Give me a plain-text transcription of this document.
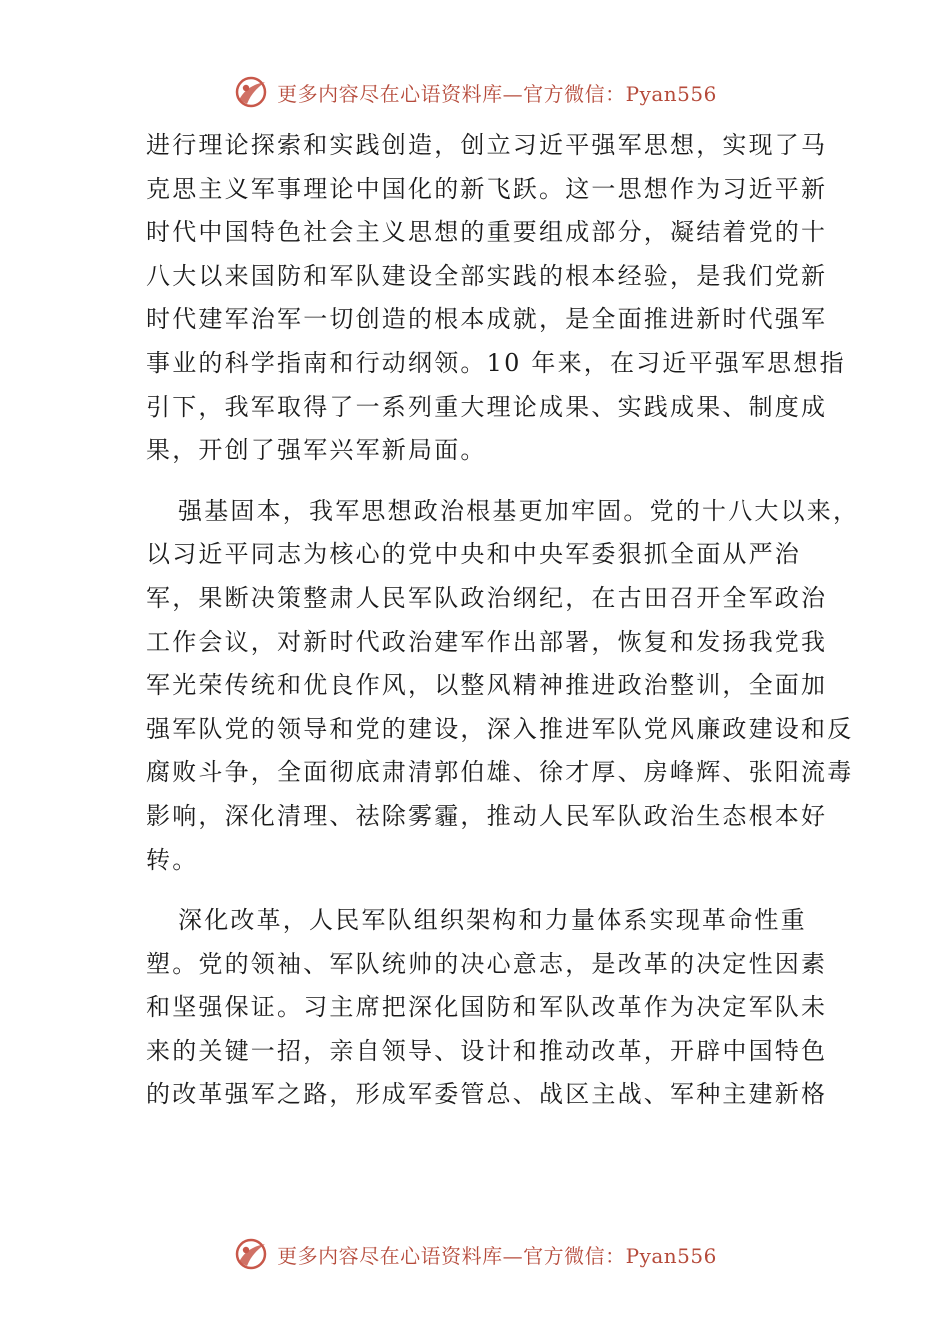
更多内容尽在心语资料库—官方微信：Pyan556
进行理论探索和实践创造，创立习近平强军思想，实现了马
克思主义军事理论中国化的新飞跃。这一思想作为习近平新
时代中国特色社会主义思想的重要组成部分，凝结着党的十
八大以来国防和军队建设全部实践的根本经验，是我们党新
时代建军治军一切创造的根本成就，是全面推进新时代强军
事业的科学指南和行动纲领。10 年来，在习近平强军思想指
引下，我军取得了一系列重大理论成果、实践成果、制度成
果，开创了强军兴军新局面。
强基固本，我军思想政治根基更加牢固。党的十八大以来，
以习近平同志为核心的党中央和中央军委狠抓全面从严治
军，果断决策整肃人民军队政治纲纪，在古田召开全军政治
工作会议，对新时代政治建军作出部署，恢复和发扬我党我
军光荣传统和优良作风，以整风精神推进政治整训，全面加
强军队党的领导和党的建设，深入推进军队党风廉政建设和反
腐败斗争，全面彻底肃清郭伯雄、徐才厚、房峰辉、张阳流毒
影响，深化清理、祛除雾霾，推动人民军队政治生态根本好
转。
深化改革，人民军队组织架构和力量体系实现革命性重
塑。党的领袖、军队统帅的决心意志，是改革的决定性因素
和坚强保证。习主席把深化国防和军队改革作为决定军队未
来的关键一招，亲自领导、设计和推动改革，开辟中国特色
的改革强军之路，形成军委管总、战区主战、军种主建新格
更多内容尽在心语资料库—官方微信：Pyan556
